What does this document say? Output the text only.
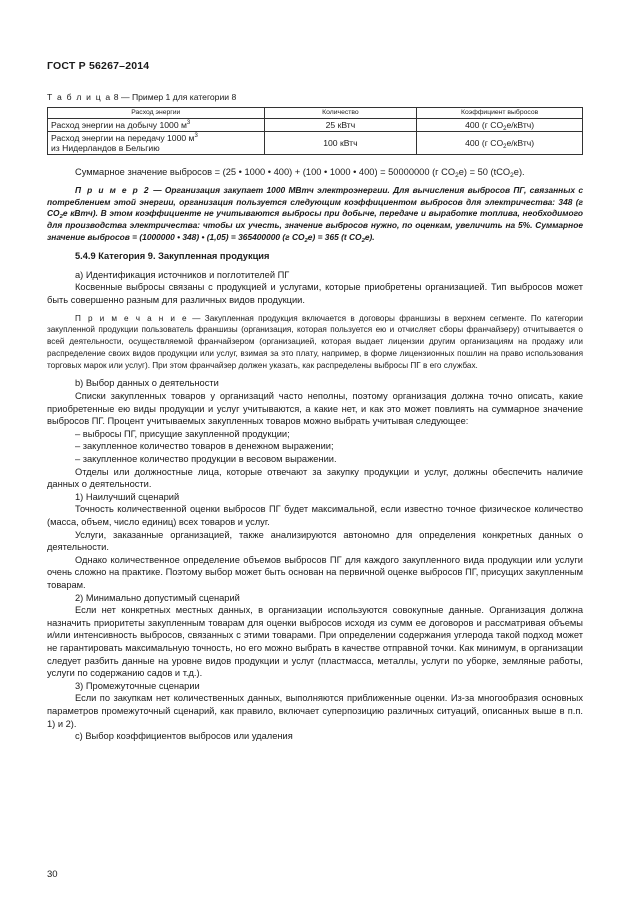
ГОСТ Р 56267–2014
Т а б л и ц а 8 — Пример 1 для категории 8
Расход энергии	Количество	Коэффициент выбросов
Расход энергии на добычу 1000 $м^3$	25 кВтч	400 (г $CO_2е/кВтч$)
Расход энергии на передачу 1000 $м^3$
из Нидерландов в Бельгию	100 кВтч	400 (г $CO_2е/кВтч$)

Суммарное значение выбросов = (25 • 1000 • 400) + (100 • 1000 • 400) = 50000000 (г $CO_2е) = 50$ (tCO$_2$е).

П р и м е р 2 — Организация закупает 1000 МВтч электроэнергии. Для вычисления выбросов ПГ, связанных с потреблением этой энергии, организация пользуется следующим коэффициентом выбросов для электричества: 348 (г $CO_2е$ кВтч). В этом коэффициенте не учитываются выбросы при добыче, передаче и выработке топлива, необходимого для производства электричества: чтобы их учесть, значение выбросов нужно, по оценкам, увеличить на 5%. Суммарное значение выбросов = (1000000 • 348) • (1,05) = 365400000 (г $CO_2е) = 365$ (t $CO_2е$).

5.4.9 Категория 9. Закупленная продукция

а) Идентификация источников и поглотителей ПГ

Косвенные выбросы связаны с продукцией и услугами, которые приобретены организацией. Тип выбросов может быть совершенно разным для различных видов продукции.

П р и м е ч а н и е — Закупленная продукция включается в договоры франшизы в верхнем сегменте. По категории закупленной продукции пользователь франшизы (организация, которая пользуется ею и отчисляет сборы франчайзеру) отчитывается о всей деятельности, осуществляемой франчайзером (организацией, которая выдает лицензии другим организациям на продажу или распределение своих видов продукции или услуг, взимая за это плату, например, в форме лицензионных пошлин на право использования торговых марок или услуг). При этом франчайзер должен указать, как распределены выбросы ПГ в его службах.

b) Выбор данных о деятельности

Списки закупленных товаров у организаций часто неполны, поэтому организация должна точно описать, какие приобретенные ею виды продукции и услуг учитываются, а какие нет, и как это может повлиять на суммарное значение выбросов ПГ. Процент учитываемых закупленных товаров можно выбрать учитывая следующее:

– выбросы ПГ, присущие закупленной продукции;

– закупленное количество товаров в денежном выражении;

– закупленное количество продукции в весовом выражении.

Отделы или должностные лица, которые отвечают за закупку продукции и услуг, должны обеспечить наличие данных о деятельности.

1) Наилучший сценарий

Точность количественной оценки выбросов ПГ будет максимальной, если известно точное физическое количество (масса, объем, число единиц) всех товаров и услуг.

Услуги, заказанные организацией, также анализируются автономно для определения конкретных данных о деятельности.

Однако количественное определение объемов выбросов ПГ для каждого закупленного вида продукции или услуги очень сложно на практике. Поэтому выбор может быть основан на первичной оценке выбросов ПГ, присущих закупленным товарам.

2) Минимально допустимый сценарий

Если нет конкретных местных данных, в организации используются совокупные данные. Организация должна назначить приоритеты закупленным товарам для оценки выбросов исходя из сумм ее договоров и рассматривая объемы и/или интенсивность выбросов, связанных с этими товарами. При определении содержания углерода такой подход может не гарантировать максимальную точность, но его можно выбрать в качестве отправной точки. Как минимум, в организации следует разбить данные на уровне видов продукции и услуг (пластмасса, металлы, услуги по уборке, земляные работы, услуги по содержанию садов и т.д.).

3) Промежуточные сценарии

Если по закупкам нет количественных данных, выполняются приближенные оценки. Из-за многообразия основных параметров промежуточный сценарий, как правило, включает суперпозицию различных ситуаций, описанных выше в п.п. 1) и 2).

c) Выбор коэффициентов выбросов или удаления

30
